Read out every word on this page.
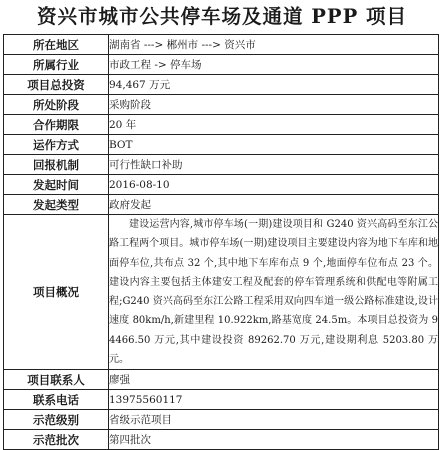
资兴市城市公共停车场及通道 PPP 项目
所在地区	湖南省 ---> 郴州市 ---> 资兴市
所属行业	市政工程 -> 停车场
项目总投资	94,467 万元
所处阶段	采购阶段
合作期限	20 年
运作方式	BOT
回报机制	可行性缺口补助
发起时间	2016-08-10
发起类型	政府发起
项目概况	建设运营内容,城市停车场(一期)建设项目和 G240 资兴高码至东江公路工程两个项目。城市停车场(一期)建设项目主要建设内容为地下车库和地面停车位,共布点 32 个,其中地下车库布点 9 个,地面停车位布点 23 个。建设内容主要包括主体建安工程及配套的停车管理系统和供配电等附属工程;G240 资兴高码至东江公路工程采用双向四车道一级公路标准建设,设计速度 80km/h,新建里程 10.922km,路基宽度 24.5m。本项目总投资为 94466.50 万元,其中建设投资 89262.70 万元,建设期利息 5203.80 万元。

项目联系人	廖强
联系电话	13975560117
示范级别	省级示范项目
示范批次	第四批次
